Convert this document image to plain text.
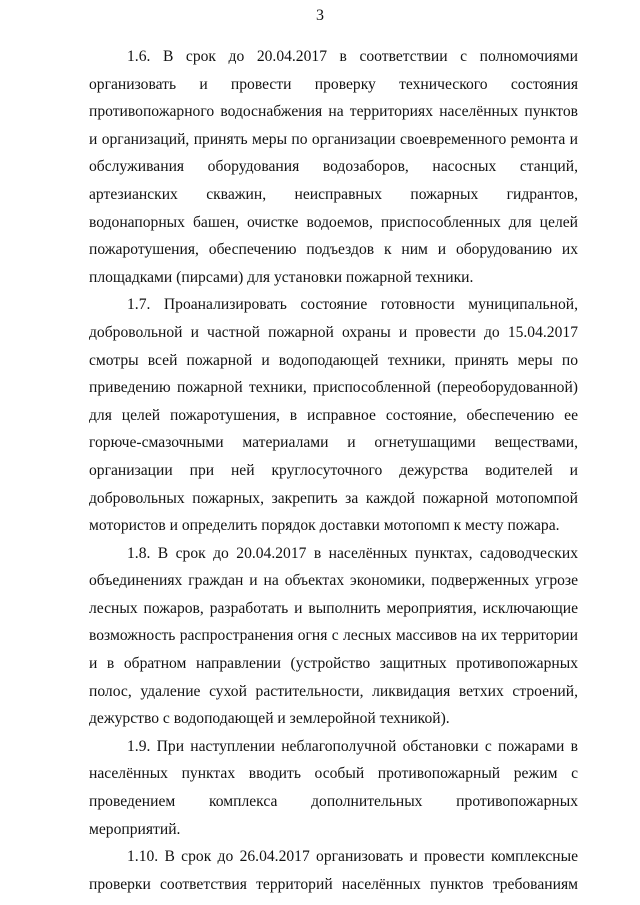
3

1.6. В срок до 20.04.2017 в соответствии с полномочиями организовать и провести проверку технического состояния противопожарного водоснабжения на территориях населённых пунктов и организаций, принять меры по организации своевременного ремонта и обслуживания оборудования водозаборов, насосных станций, артезианских скважин, неисправных пожарных гидрантов, водонапорных башен, очистке водоемов, приспособленных для целей пожаротушения, обеспечению подъездов к ним и оборудованию их площадками (пирсами) для установки пожарной техники.

1.7. Проанализировать состояние готовности муниципальной, добровольной и частной пожарной охраны и провести до 15.04.2017 смотры всей пожарной и водоподающей техники, принять меры по приведению пожарной техники, приспособленной (переоборудованной) для целей пожаротушения, в исправное состояние, обеспечению ее горюче-смазочными материалами и огнетушащими веществами, организации при ней круглосуточного дежурства водителей и добровольных пожарных, закрепить за каждой пожарной мотопомпой мотористов и определить порядок доставки мотопомп к месту пожара.

1.8. В срок до 20.04.2017 в населённых пунктах, садоводческих объединениях граждан и на объектах экономики, подверженных угрозе лесных пожаров, разработать и выполнить мероприятия, исключающие возможность распространения огня с лесных массивов на их территории и в обратном направлении (устройство защитных противопожарных полос, удаление сухой растительности, ликвидация ветхих строений, дежурство с водоподающей и землеройной техникой).

1.9. При наступлении неблагополучной обстановки с пожарами в населённых пунктах вводить особый противопожарный режим с проведением комплекса дополнительных противопожарных мероприятий.

1.10. В срок до 26.04.2017 организовать и провести комплексные проверки соответствия территорий населённых пунктов требованиям
